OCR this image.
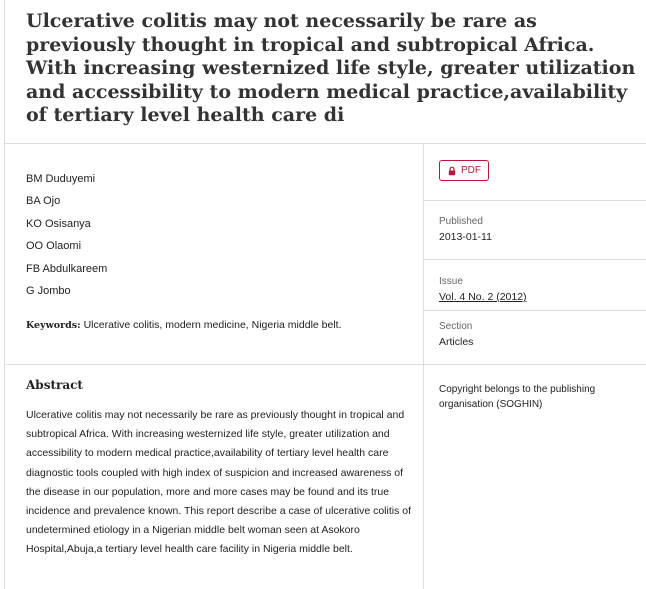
Ulcerative colitis may not necessarily be rare as previously thought in tropical and subtropical Africa. With increasing westernized life style, greater utilization and accessibility to modern medical practice,availability of tertiary level health care di
BM Duduyemi
BA Ojo
KO Osisanya
OO Olaomi
FB Abdulkareem
G Jombo
Keywords: Ulcerative colitis, modern medicine, Nigeria middle belt.
Abstract

Ulcerative colitis may not necessarily be rare as previously thought in tropical and subtropical Africa. With increasing westernized life style, greater utilization and accessibility to modern medical practice,availability of tertiary level health care diagnostic tools coupled with high index of suspicion and increased awareness of the disease in our population, more and more cases may be found and its true incidence and prevalence known. This report describe a case of ulcerative colitis of undetermined etiology in a Nigerian middle belt woman seen at Asokoro Hospital,Abuja,a tertiary level health care facility in Nigeria middle belt.

PDF
Published
2013-01-11
Issue
Vol. 4 No. 2 (2012)
Section
Articles
Copyright belongs to the publishing organisation (SOGHIN)
